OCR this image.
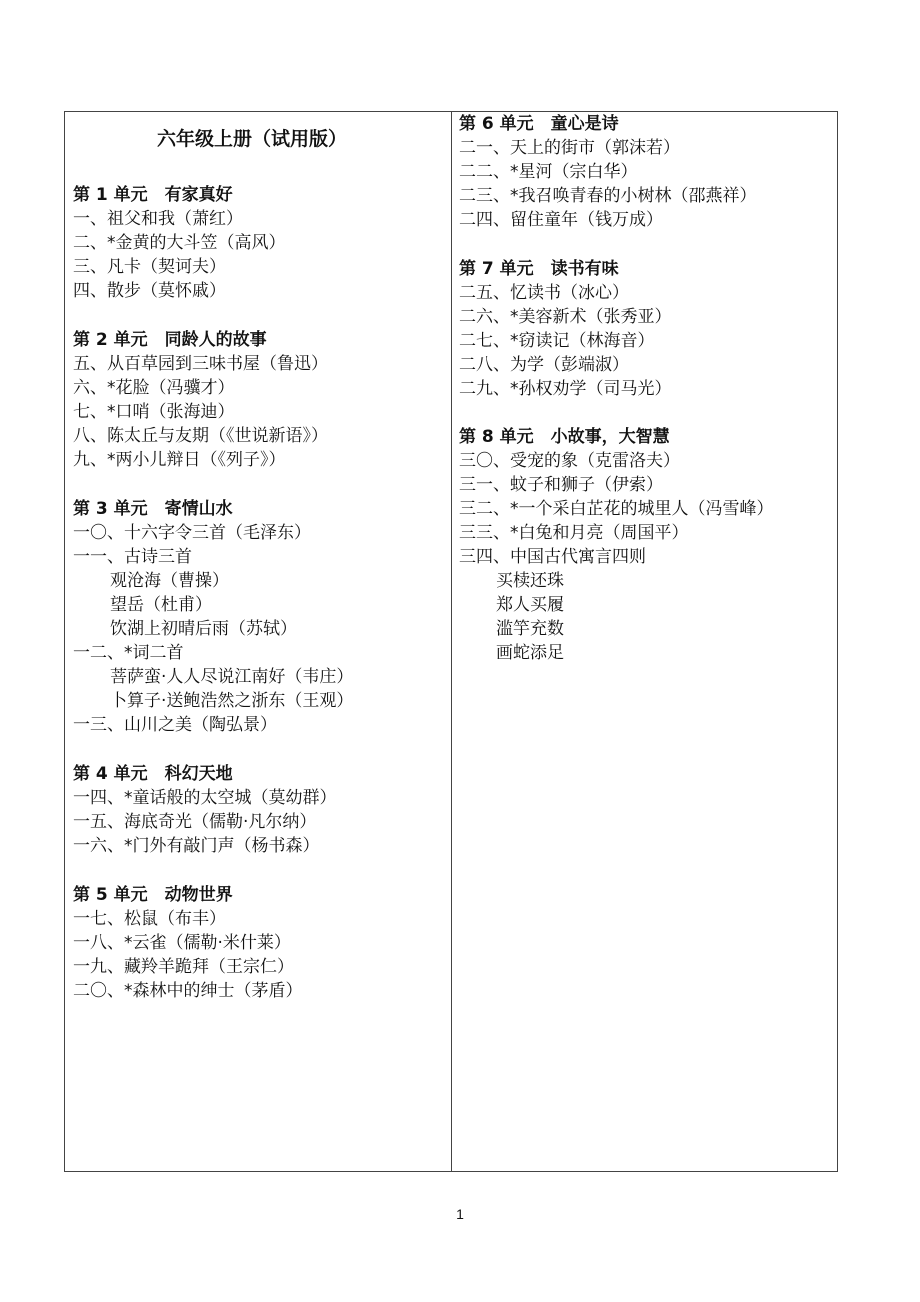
六年级上册（试用版）
第 1 单元　有家真好
一、祖父和我（萧红）
二、*金黄的大斗笠（高风）
三、凡卡（契诃夫）
四、散步（莫怀戚）
第 2 单元　同龄人的故事
五、从百草园到三味书屋（鲁迅）
六、*花脸（冯骥才）
七、*口哨（张海迪）
八、陈太丘与友期（《世说新语》）
九、*两小儿辩日（《列子》）
第 3 单元　寄情山水
一〇、十六字令三首（毛泽东）
一一、古诗三首
观沧海（曹操）
望岳（杜甫）
饮湖上初晴后雨（苏轼）
一二、*词二首
菩萨蛮·人人尽说江南好（韦庄）
卜算子·送鲍浩然之浙东（王观）
一三、山川之美（陶弘景）
第 4 单元　科幻天地
一四、*童话般的太空城（莫幼群）
一五、海底奇光（儒勒·凡尔纳）
一六、*门外有敲门声（杨书森）
第 5 单元　动物世界
一七、松鼠（布丰）
一八、*云雀（儒勒·米什莱）
一九、藏羚羊跪拜（王宗仁）
二〇、*森林中的绅士（茅盾）
第 6 单元　童心是诗
二一、天上的街市（郭沫若）
二二、*星河（宗白华）
二三、*我召唤青春的小树林（邵燕祥）
二四、留住童年（钱万成）
第 7 单元　读书有味
二五、忆读书（冰心）
二六、*美容新术（张秀亚）
二七、*窃读记（林海音）
二八、为学（彭端淑）
二九、*孙权劝学（司马光）
第 8 单元　小故事，大智慧
三〇、受宠的象（克雷洛夫）
三一、蚊子和狮子（伊索）
三二、*一个采白芷花的城里人（冯雪峰）
三三、*白兔和月亮（周国平）
三四、中国古代寓言四则
买椟还珠
郑人买履
滥竽充数
画蛇添足
1
